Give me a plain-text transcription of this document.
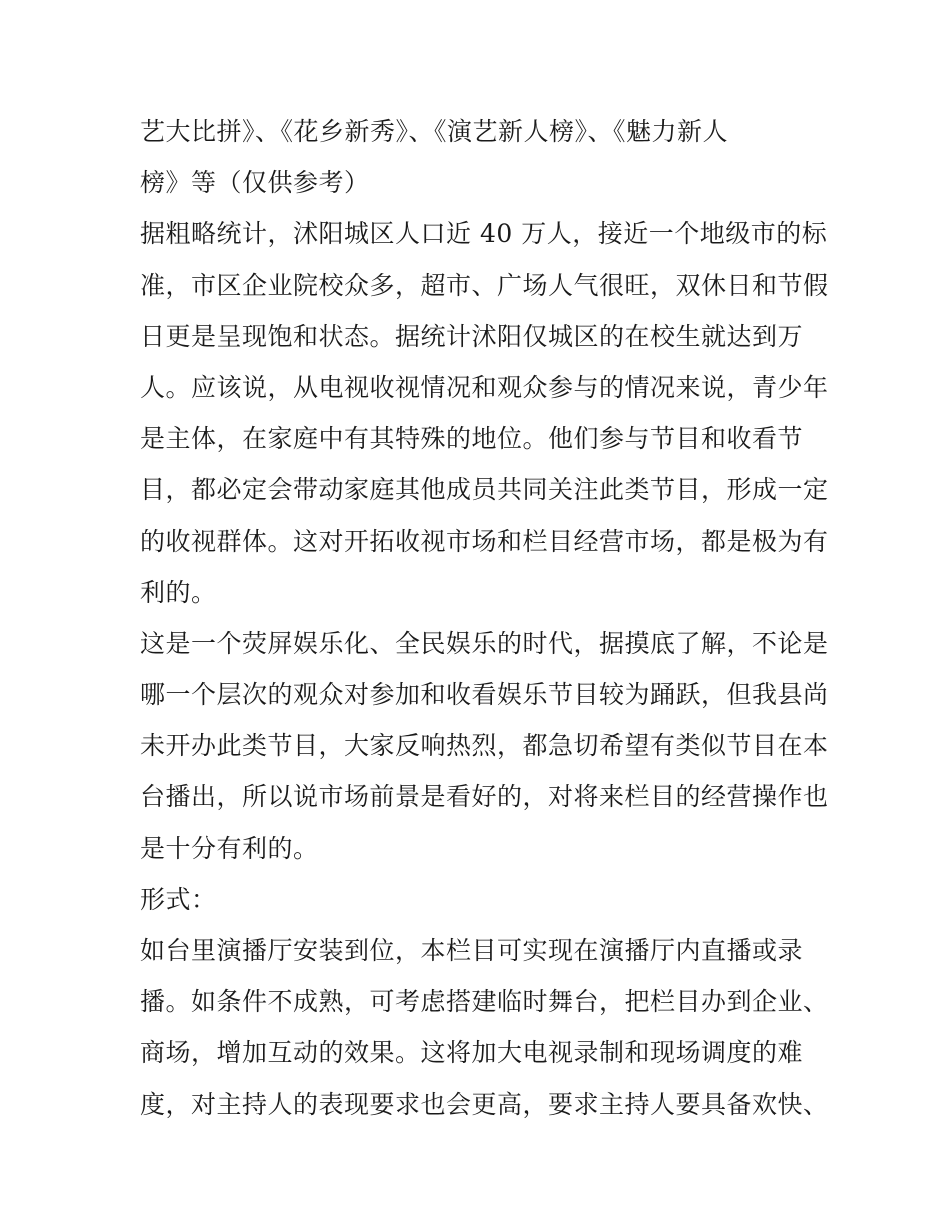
艺大比拼》、《花乡新秀》、《演艺新人榜》、《魅力新人
榜》等（仅供参考）
据粗略统计，沭阳城区人口近 40 万人，接近一个地级市的标
准，市区企业院校众多，超市、广场人气很旺，双休日和节假
日更是呈现饱和状态。据统计沭阳仅城区的在校生就达到万
人。应该说，从电视收视情况和观众参与的情况来说，青少年
是主体，在家庭中有其特殊的地位。他们参与节目和收看节
目，都必定会带动家庭其他成员共同关注此类节目，形成一定
的收视群体。这对开拓收视市场和栏目经营市场，都是极为有
利的。
这是一个荧屏娱乐化、全民娱乐的时代，据摸底了解，不论是
哪一个层次的观众对参加和收看娱乐节目较为踊跃，但我县尚
未开办此类节目，大家反响热烈，都急切希望有类似节目在本
台播出，所以说市场前景是看好的，对将来栏目的经营操作也
是十分有利的。
形式：
如台里演播厅安装到位，本栏目可实现在演播厅内直播或录
播。如条件不成熟，可考虑搭建临时舞台，把栏目办到企业、
商场，增加互动的效果。这将加大电视录制和现场调度的难
度，对主持人的表现要求也会更高，要求主持人要具备欢快、
